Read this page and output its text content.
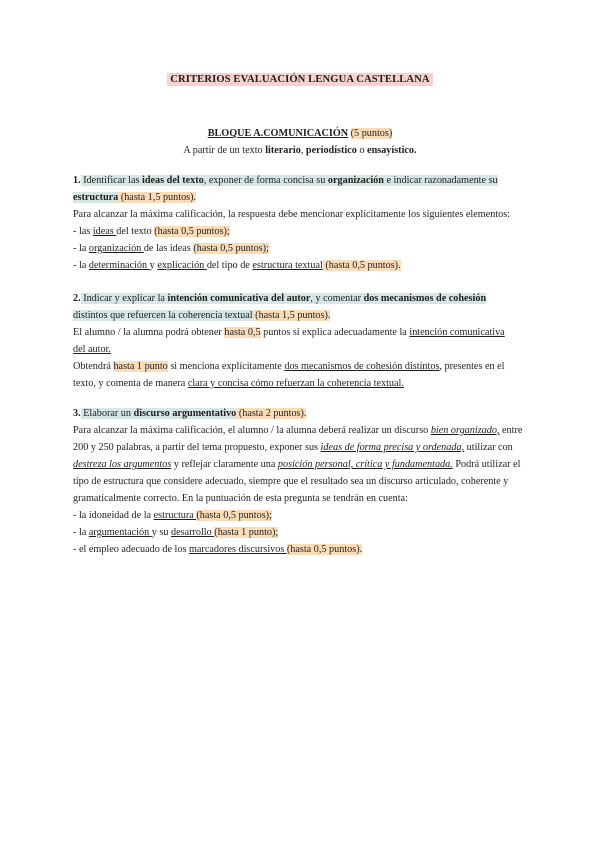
CRITERIOS EVALUACIÓN LENGUA CASTELLANA
BLOQUE A.COMUNICACIÓN (5 puntos)
A partir de un texto literario, periodístico o ensayístico.
1. Identificar las ideas del texto, exponer de forma concisa su organización e indicar razonadamente su
estructura (hasta 1,5 puntos).
Para alcanzar la máxima calificación, la respuesta debe mencionar explícitamente los siguientes elementos:
- las ideas del texto (hasta 0,5 puntos);
- la organización de las ideas (hasta 0,5 puntos);
- la determinación y explicación del tipo de estructura textual (hasta 0,5 puntos).
2. Indicar y explicar la intención comunicativa del autor, y comentar dos mecanismos de cohesión
distintos que refuercen la coherencia textual (hasta 1,5 puntos).
El alumno / la alumna podrá obtener hasta 0,5 puntos si explica adecuadamente la intención comunicativa
del autor.
Obtendrá hasta 1 punto si menciona explícitamente dos mecanismos de cohesión distintos, presentes en el
texto, y comenta de manera clara y concisa cómo refuerzan la coherencia textual.
3. Elaborar un discurso argumentativo (hasta 2 puntos).
Para alcanzar la máxima calificación, el alumno / la alumna deberá realizar un discurso bien organizado, entre
200 y 250 palabras, a partir del tema propuesto, exponer sus ideas de forma precisa y ordenada, utilizar con
destreza los argumentos y reflejar claramente una posición personal, crítica y fundamentada. Podrá utilizar el
tipo de estructura que considere adecuado, siempre que el resultado sea un discurso articulado, coherente y
gramaticalmente correcto. En la puntuación de esta pregunta se tendrán en cuenta:
- la idoneidad de la estructura (hasta 0,5 puntos);
- la argumentación y su desarrollo (hasta 1 punto);
- el empleo adecuado de los marcadores discursivos (hasta 0,5 puntos).
